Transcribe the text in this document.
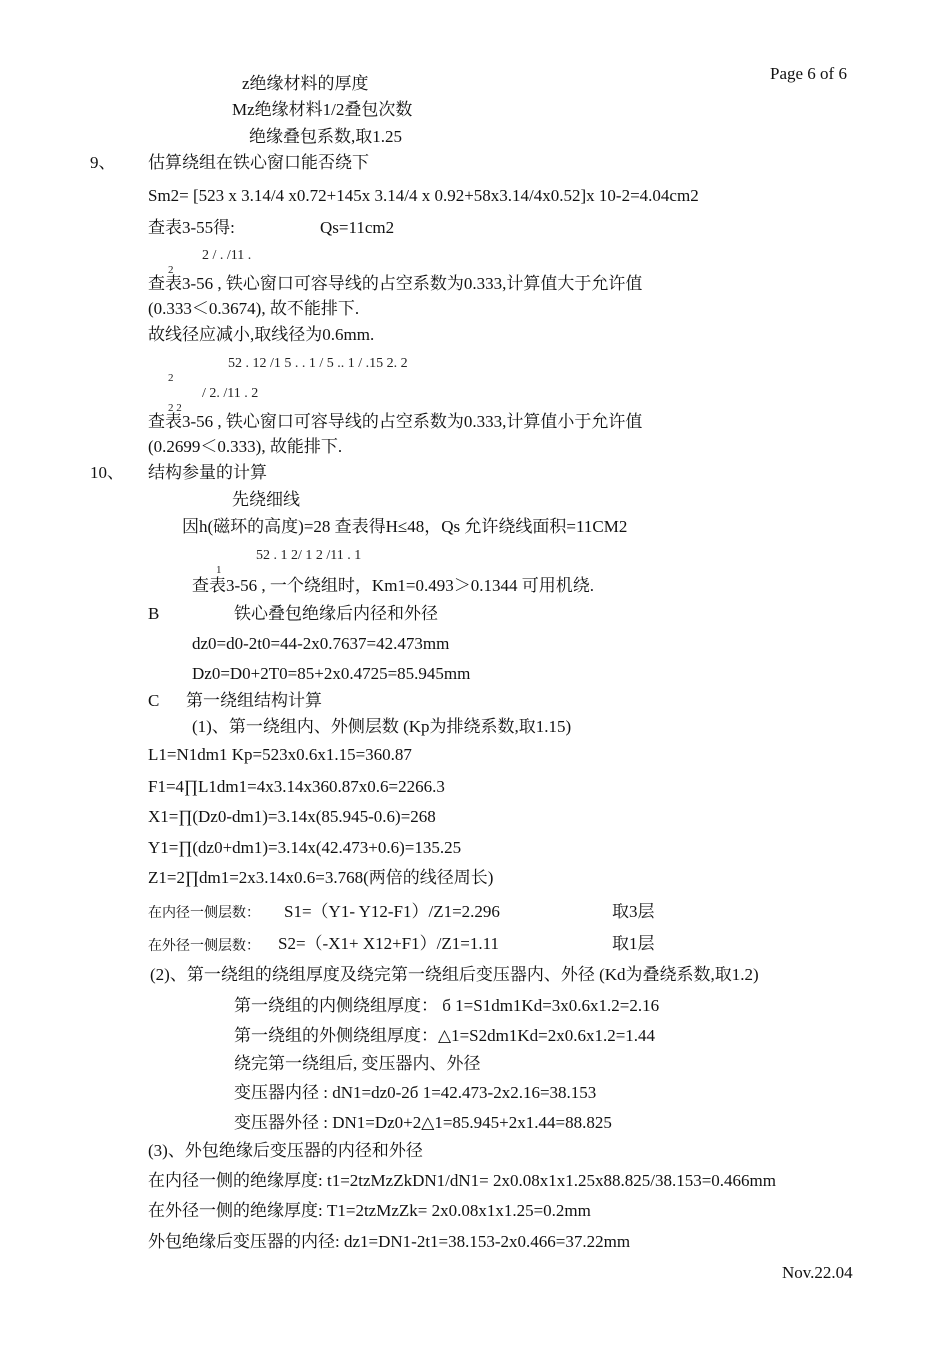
Page 6 of 6
z绝缘材料的厚度
Mz绝缘材料1/2叠包次数
绝缘叠包系数,取1.25
9、 估算绕组在铁心窗口能否绕下
Sm2= [523 x 3.14/4 x0.72+145x 3.14/4 x 0.92+58x3.14/4x0.52]x 10-2=4.04cm2
查表3-55得:	Qs=11cm2
2 / . /11 .
2
查表3-56 , 铁心窗口可容导线的占空系数为0.333,计算值大于允许值
(0.333＜0.3674), 故不能排下.
故线径应减小,取线径为0.6mm.
52 . 12 /1 5 . . 1 / 5 .. 1 / .15 2. 2
2
/ 2. /11 . 2
2 2
查表3-56 , 铁心窗口可容导线的占空系数为0.333,计算值小于允许值
(0.2699＜0.333), 故能排下.
10、 结构参量的计算
先绕细线
因h(磁环的高度)=28 查表得H≤48，Qs 允许绕线面积=11CM2
52 . 1 2/ 1 2 /11 . 1
1
查表3-56 , 一个绕组时，Km1=0.493＞0.1344 可用机绕.
B	铁心叠包绝缘后内径和外径
dz0=d0-2t0=44-2x0.7637=42.473mm
Dz0=D0+2T0=85+2x0.4725=85.945mm
C 第一绕组结构计算
(1)、第一绕组内、外侧层数 (Kp为排绕系数,取1.15)
L1=N1dm1 Kp=523x0.6x1.15=360.87
F1=4∏L1dm1=4x3.14x360.87x0.6=2266.3
X1=∏(Dz0-dm1)=3.14x(85.945-0.6)=268
Y1=∏(dz0+dm1)=3.14x(42.473+0.6)=135.25
Z1=2∏dm1=2x3.14x0.6=3.768(两倍的线径周长)
在内径一侧层数： S1=（Y1- Y12-F1）/Z1=2.296	取3层
在外径一侧层数： S2=（-X1+ X12+F1）/Z1=1.11	取1层
(2)、第一绕组的绕组厚度及绕完第一绕组后变压器内、外径 (Kd为叠绕系数,取1.2)
第一绕组的内侧绕组厚度： б 1=S1dm1Kd=3x0.6x1.2=2.16
第一绕组的外侧绕组厚度：△1=S2dm1Kd=2x0.6x1.2=1.44
绕完第一绕组后, 变压器内、外径
变压器内径 : dN1=dz0-2б 1=42.473-2x2.16=38.153
变压器外径 : DN1=Dz0+2△1=85.945+2x1.44=88.825
(3)、外包绝缘后变压器的内径和外径
在内径一侧的绝缘厚度: t1=2tzMzZkDN1/dN1= 2x0.08x1x1.25x88.825/38.153=0.466mm
在外径一侧的绝缘厚度: T1=2tzMzZk= 2x0.08x1x1.25=0.2mm
外包绝缘后变压器的内径: dz1=DN1-2t1=38.153-2x0.466=37.22mm
Nov.22.04
